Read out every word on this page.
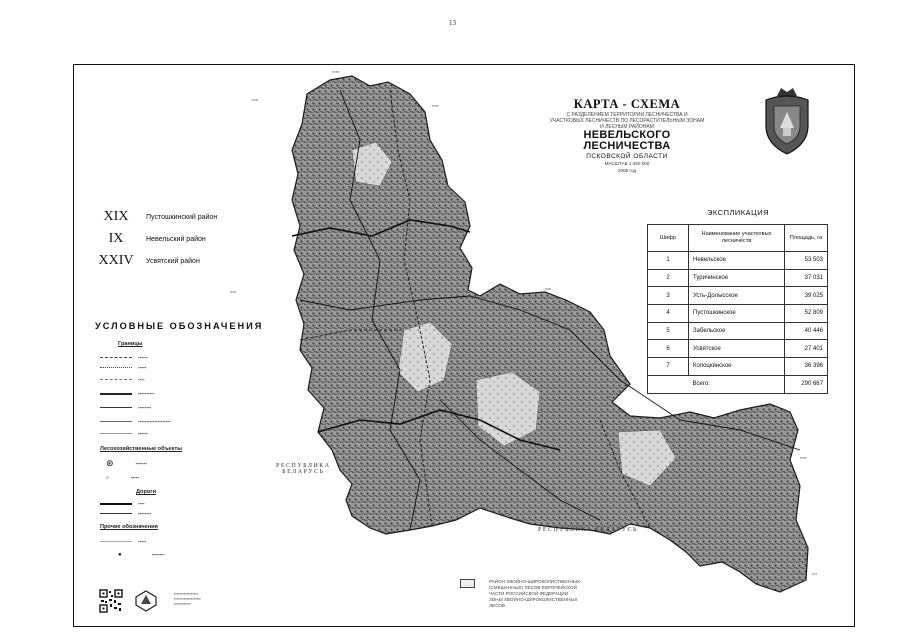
13
▪▪▪▪▪▪
▪▪▪▪▪
▪▪▪▪▪
▪▪▪▪▪
▪▪▪▪▪
▪▪▪▪
▪▪▪▪▪
▪▪▪▪
КАРТА - СХЕМА
С РАЗДЕЛЕНИЕМ ТЕРРИТОРИИ ЛЕСНИЧЕСТВА И
УЧАСТКОВЫХ ЛЕСНИЧЕСТВ ПО ЛЕСОРАСТИТЕЛЬНЫМ ЗОНАМ
И ЛЕСНЫМ РАЙОНАМ
НЕВЕЛЬСКОГО
ЛЕСНИЧЕСТВА
ПСКОВСКОЙ ОБЛАСТИ
МАСШТАБ 1:450 000
2008 год
XIX	Пустошкинский район
IX	Невельский район
XXIV	Усвятский район
УСЛОВНЫЕ ОБОЗНАЧЕНИЯ
Границы
▪▪▪▪▪▪
▪▪▪▪▪
▪▪▪▪
▪▪▪▪▪▪▪▪▪▪
▪▪▪▪▪▪▪▪
▪▪▪▪▪▪▪▪▪▪▪▪▪▪▪▪▪▪▪▪
▪▪▪▪▪▪
Лесохозяйственные объекты
⊛	▪▪▪▪▪▪▪
◦	▪▪▪▪▪
Дороги
▪▪▪▪
▪▪▪▪▪▪▪▪
Прочие обозначения
▪▪▪▪▪
●	▪▪▪▪▪▪▪▪
ЭКСПЛИКАЦИЯ
Шифр	Наименование участковых лесничеств	Площадь, га
1	Невельское	53 503
2	Туричинское	37 031
3	Усть-Долысское	39 025
4	Пустошкинское	52 809
5	Забельское	40 446
6	Усвятское	27 401
7	Копоцкинское	36 396
	Всего:	290 667
РЕСПУБЛИКА
БЕЛАРУСЬ
РЕСПУБЛИКА БЕЛАРУСЬ
РАЙОН ХВОЙНО-ШИРОКОЛИСТВЕННЫХ
(СМЕШАННЫХ) ЛЕСОВ ЕВРОПЕЙСКОЙ
ЧАСТИ РОССИЙСКОЙ ФЕДЕРАЦИИ
ЗОНЫ ХВОЙНО-ШИРОКОЛИСТВЕННЫХ
ЛЕСОВ
▪▪▪▪▪▪▪▪▪▪▪▪▪▪▪▪▪
▪▪▪▪▪▪▪▪▪▪▪▪▪▪▪▪▪▪▪
▪▪▪▪▪▪▪▪▪▪▪▪
